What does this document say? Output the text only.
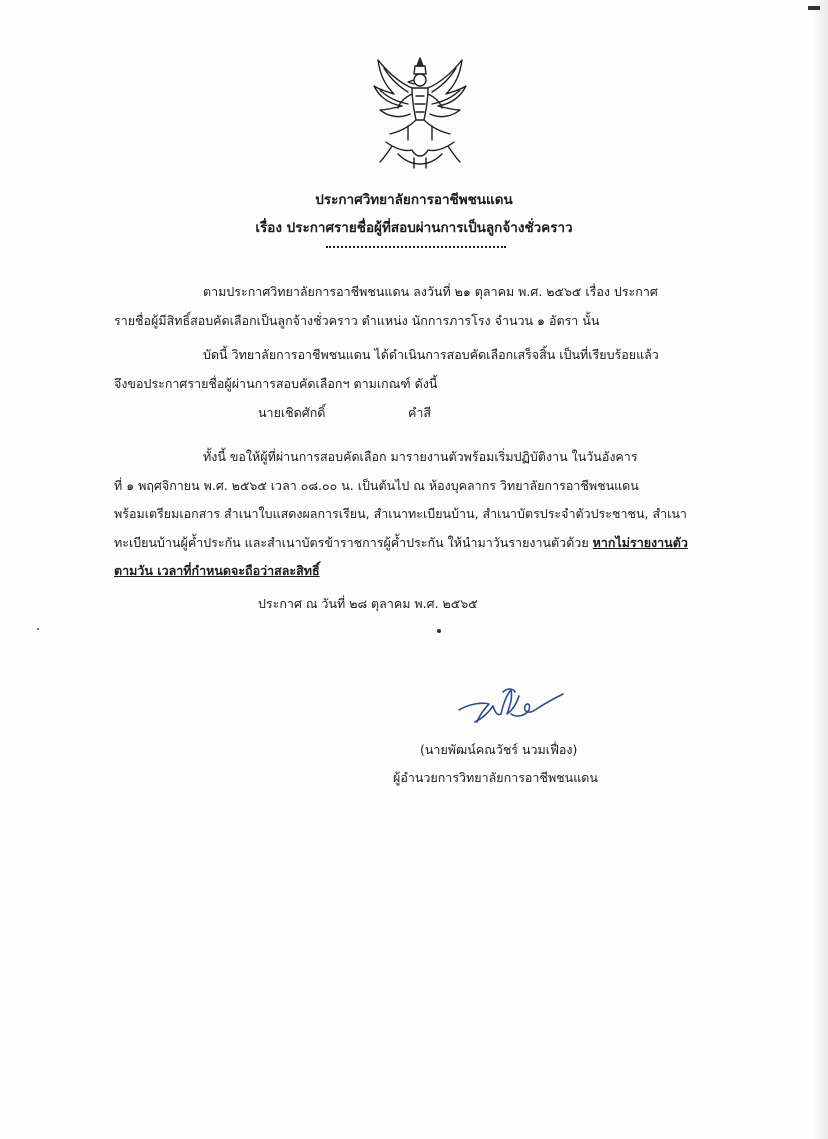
ประกาศวิทยาลัยการอาชีพชนแดน
เรื่อง ประกาศรายชื่อผู้ที่สอบผ่านการเป็นลูกจ้างชั่วคราว
ตามประกาศวิทยาลัยการอาชีพชนแดน ลงวันที่ ๒๑ ตุลาคม พ.ศ. ๒๕๖๕ เรื่อง ประกาศ
รายชื่อผู้มีสิทธิ์สอบคัดเลือกเป็นลูกจ้างชั่วคราว ตำแหน่ง นักการภารโรง จำนวน ๑ อัตรา นั้น
บัดนี้ วิทยาลัยการอาชีพชนแดน ได้ดำเนินการสอบคัดเลือกเสร็จสิ้น เป็นที่เรียบร้อยแล้ว
จึงขอประกาศรายชื่อผู้ผ่านการสอบคัดเลือกฯ ตามเกณฑ์ ดังนี้
นายเชิดศักดิ์	คำสี
ทั้งนี้ ขอให้ผู้ที่ผ่านการสอบคัดเลือก มารายงานตัวพร้อมเริ่มปฏิบัติงาน ในวันอังคาร
ที่ ๑ พฤศจิกายน พ.ศ. ๒๕๖๕ เวลา ๐๘.๐๐ น. เป็นต้นไป ณ ห้องบุคลากร วิทยาลัยการอาชีพชนแดน
พร้อมเตรียมเอกสาร สำเนาใบแสดงผลการเรียน, สำเนาทะเบียนบ้าน, สำเนาบัตรประจำตัวประชาชน, สำเนา
ทะเบียนบ้านผู้ค้ำประกัน และสำเนาบัตรข้าราชการผู้ค้ำประกัน ให้นำมาวันรายงานตัวด้วย หากไม่รายงานตัว
ตามวัน เวลาที่กำหนดจะถือว่าสละสิทธิ์
ประกาศ ณ วันที่ ๒๘ ตุลาคม พ.ศ. ๒๕๖๕
(นายพัฒน์คณวัชร์ นวมเฟื่อง)
ผู้อำนวยการวิทยาลัยการอาชีพชนแดน
